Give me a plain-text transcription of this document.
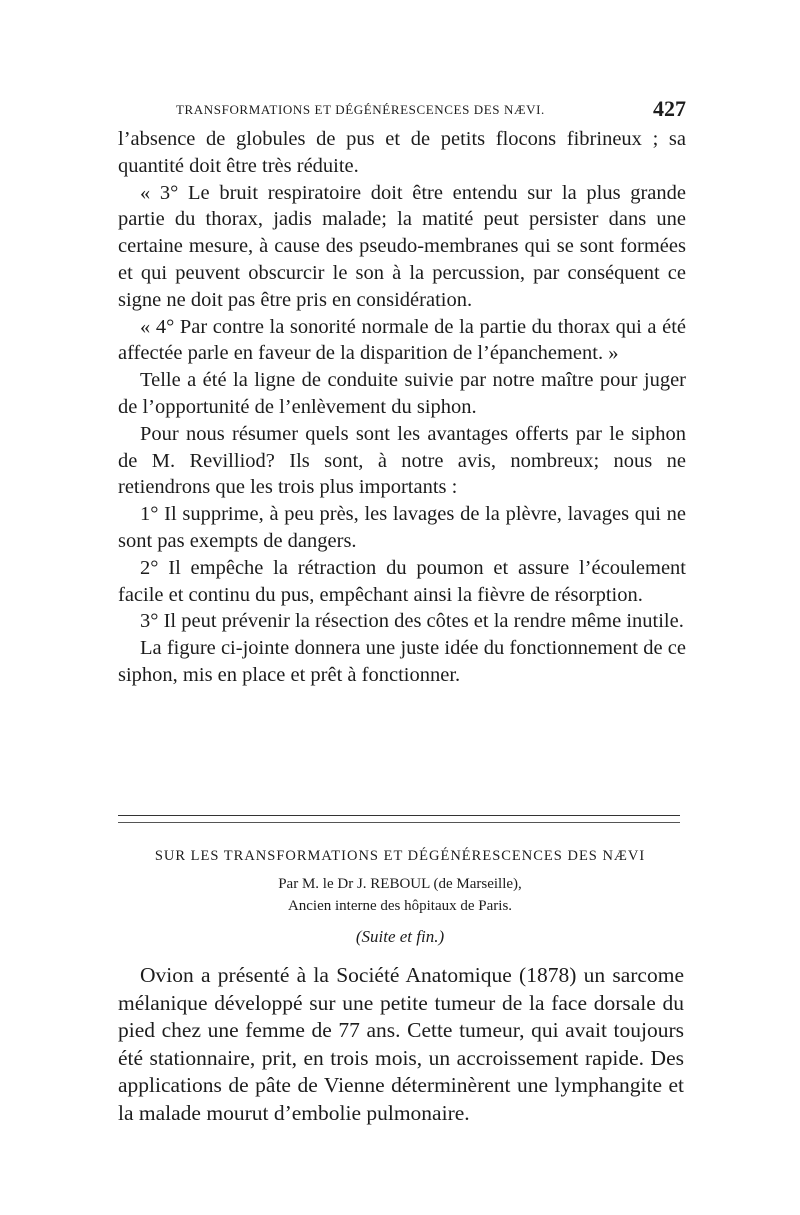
TRANSFORMATIONS ET DÉGÉNÉRESCENCES DES NÆVI.	427

l’absence de globules de pus et de petits flocons fibrineux ; sa quantité doit être très réduite.

« 3° Le bruit respiratoire doit être entendu sur la plus grande partie du thorax, jadis malade; la matité peut persister dans une certaine mesure, à cause des pseudo-membranes qui se sont formées et qui peuvent obscurcir le son à la percussion, par conséquent ce signe ne doit pas être pris en considération.

« 4° Par contre la sonorité normale de la partie du thorax qui a été affectée parle en faveur de la disparition de l’épanchement. »

Telle a été la ligne de conduite suivie par notre maître pour juger de l’opportunité de l’enlèvement du siphon.

Pour nous résumer quels sont les avantages offerts par le siphon de M. Revilliod? Ils sont, à notre avis, nombreux; nous ne retiendrons que les trois plus importants :

1° Il supprime, à peu près, les lavages de la plèvre, lavages qui ne sont pas exempts de dangers.

2° Il empêche la rétraction du poumon et assure l’écoulement facile et continu du pus, empêchant ainsi la fièvre de résorption.

3° Il peut prévenir la résection des côtes et la rendre même inutile.

La figure ci-jointe donnera une juste idée du fonctionnement de ce siphon, mis en place et prêt à fonctionner.

SUR LES TRANSFORMATIONS ET DÉGÉNÉRESCENCES DES NÆVI
Par M. le Dr J. REBOUL (de Marseille),
Ancien interne des hôpitaux de Paris.
(Suite et fin.)

Ovion a présenté à la Société Anatomique (1878) un sarcome mélanique développé sur une petite tumeur de la face dorsale du pied chez une femme de 77 ans. Cette tumeur, qui avait toujours été stationnaire, prit, en trois mois, un accroissement rapide. Des applications de pâte de Vienne déterminèrent une lymphangite et la malade mourut d’embolie pulmonaire.
